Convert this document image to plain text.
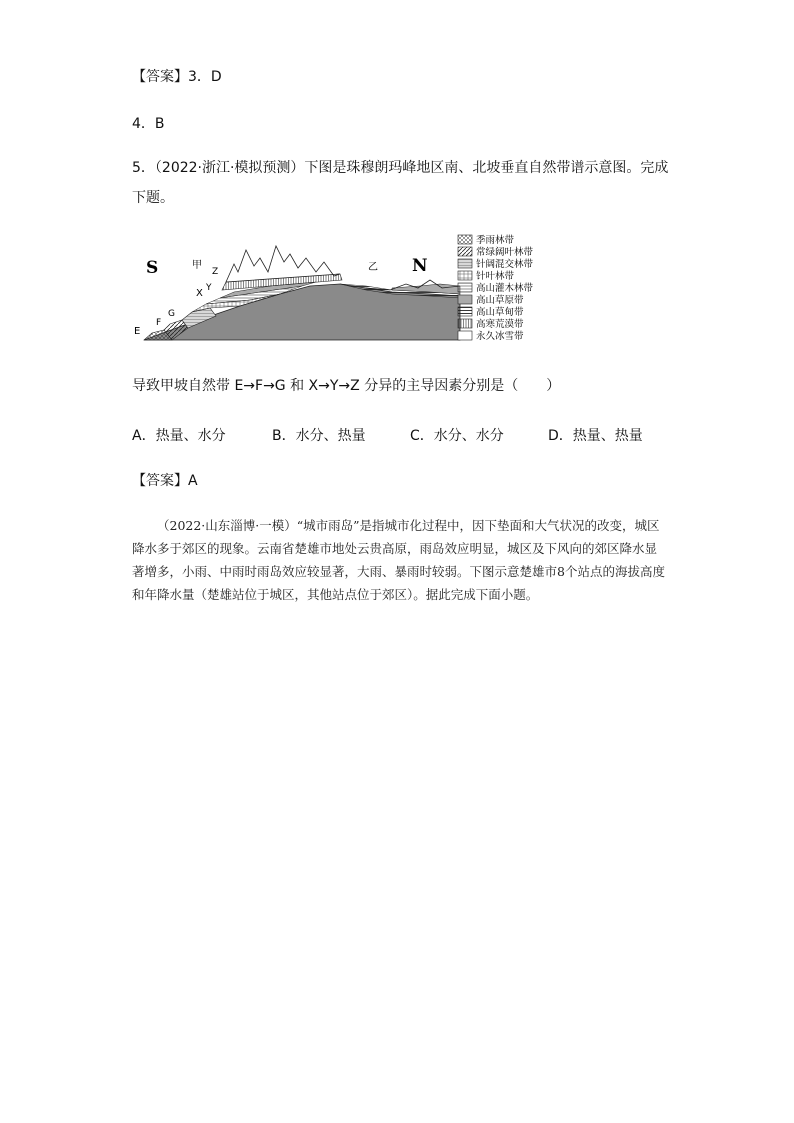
【答案】3．D
4．B
5．（2022·浙江·模拟预测）下图是珠穆朗玛峰地区南、北坡垂直自然带谱示意图。完成
下题。
S	N
甲	乙
E
F
G
X Y
Z
季雨林带
常绿阔叶林带
针阔混交林带
针叶林带
高山灌木林带
高山草原带
高山草甸带
高寒荒漠带
永久冰雪带
导致甲坡自然带 E→F→G 和 X→Y→Z 分异的主导因素分别是（　　）
A．热量、水分	B．水分、热量	C．水分、水分	D．热量、热量
【答案】A
（2022·山东淄博·一模）“城市雨岛”是指城市化过程中，因下垫面和大气状况的改变，城区降水多于郊区的现象。云南省楚雄市地处云贵高原，雨岛效应明显，城区及下风向的郊区降水显著增多，小雨、中雨时雨岛效应较显著，大雨、暴雨时较弱。下图示意楚雄市8个站点的海拔高度和年降水量（楚雄站位于城区，其他站点位于郊区）。据此完成下面小题。
